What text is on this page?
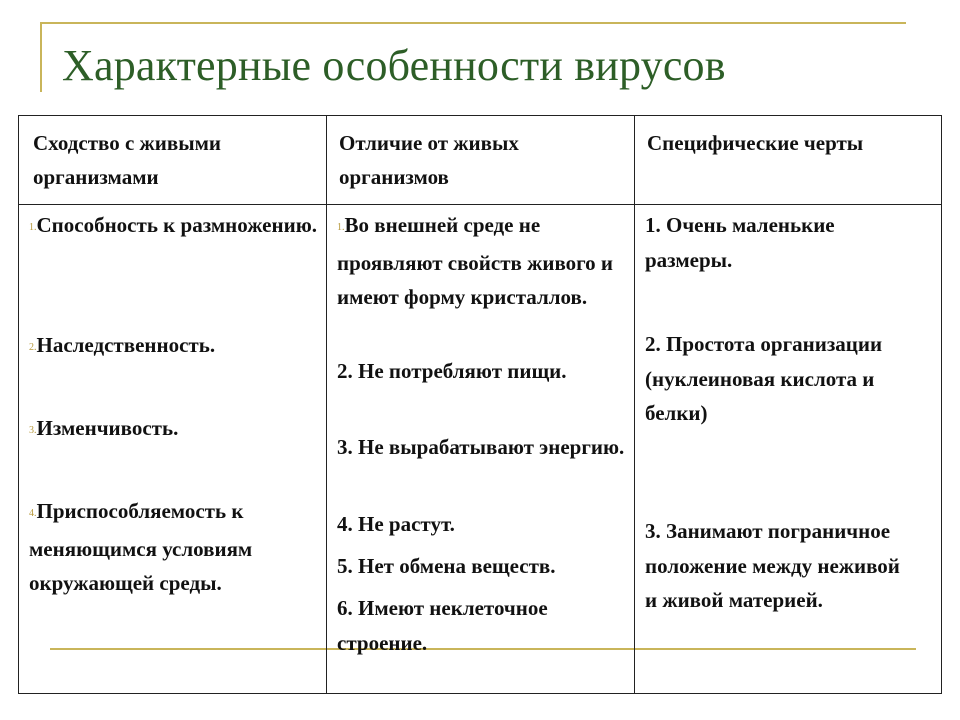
Характерные особенности вирусов
Сходство с живыми организмами
Отличие от живых организмов
Специфические черты

1.Способность к размножению.

2.Наследственность.

3.Изменчивость.

4.Приспособляемость к меняющимся условиям окружающей среды.

1.Во внешней среде не проявляют свойств живого и имеют форму кристаллов.

2. Не потребляют пищи.

3. Не вырабатывают энергию.

4. Не растут.

5. Нет обмена веществ.

6. Имеют неклеточное строение.

1. Очень маленькие размеры.

2. Простота организации (нуклеиновая кислота и белки)

3. Занимают пограничное положение между неживой и живой материей.
